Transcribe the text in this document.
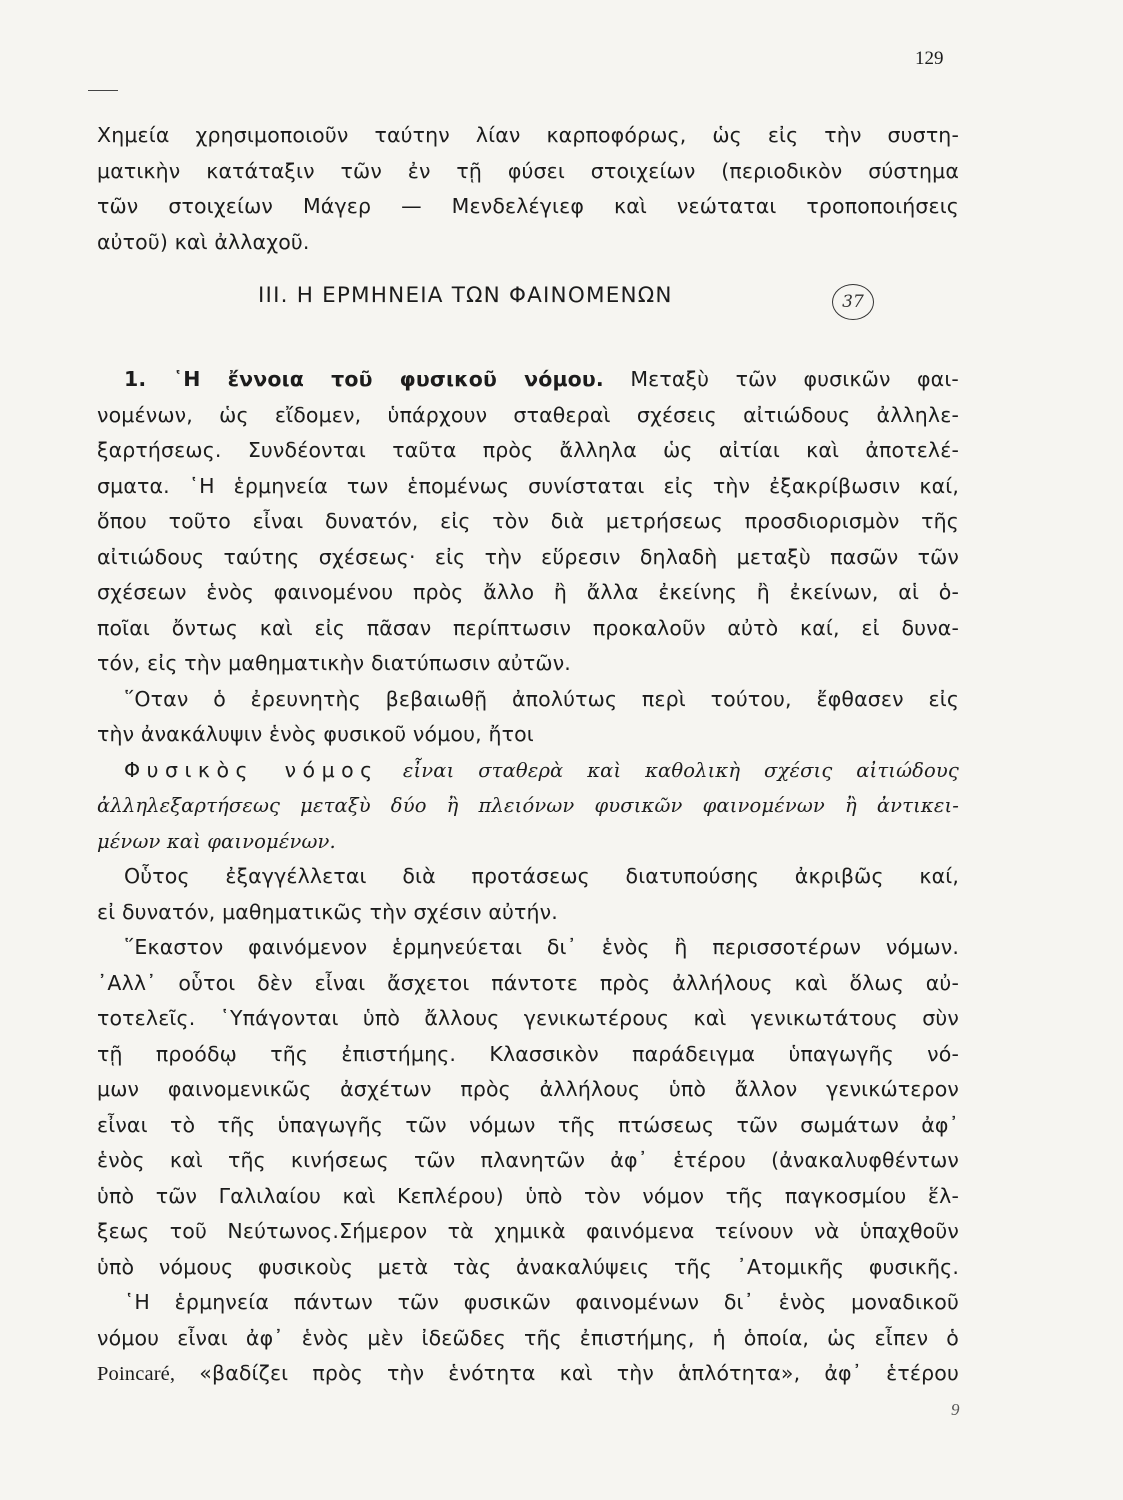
129
Χημεία χρησιμοποιοῦν ταύτην λίαν καρποφόρως, ὡς εἰς τὴν συστη-
ματικὴν κατάταξιν τῶν ἐν τῇ φύσει στοιχείων (περιοδικὸν σύστημα
τῶν στοιχείων Μάγερ — Μενδελέγιεφ καὶ νεώταται τροποποιήσεις
αὐτοῦ) καὶ ἀλλαχοῦ.
III. Η ΕΡΜΗΝΕΙΑ ΤΩΝ ΦΑΙΝΟΜΕΝΩΝ	37
1. ῾Η ἔννοια τοῦ φυσικοῦ νόμου. Μεταξὺ τῶν φυσικῶν φαι-
νομένων, ὡς εἴδομεν, ὑπάρχουν σταθεραὶ σχέσεις αἰτιώδους ἀλληλε-
ξαρτήσεως. Συνδέονται ταῦτα πρὸς ἄλληλα ὡς αἰτίαι καὶ ἀποτελέ-
σματα. ῾Η ἑρμηνεία των ἑπομένως συνίσταται εἰς τὴν ἐξακρίβωσιν καί,
ὅπου τοῦτο εἶναι δυνατόν, εἰς τὸν διὰ μετρήσεως προσδιορισμὸν τῆς
αἰτιώδους ταύτης σχέσεως· εἰς τὴν εὕρεσιν δηλαδὴ μεταξὺ πασῶν τῶν
σχέσεων ἑνὸς φαινομένου πρὸς ἄλλο ἢ ἄλλα ἐκείνης ἢ ἐκείνων, αἱ ὁ-
ποῖαι ὄντως καὶ εἰς πᾶσαν περίπτωσιν προκαλοῦν αὐτὸ καί, εἰ δυνα-
τόν, εἰς τὴν μαθηματικὴν διατύπωσιν αὐτῶν.
῞Οταν ὁ ἐρευνητὴς βεβαιωθῇ ἀπολύτως περὶ τούτου, ἔφθασεν εἰς
τὴν ἀνακάλυψιν ἑνὸς φυσικοῦ νόμου, ἤτοι
Φυσικὸς νόμος εἶναι σταθερὰ καὶ καθολικὴ σχέσις αἰτιώδους
ἀλληλεξαρτήσεως μεταξὺ δύο ἢ πλειόνων φυσικῶν φαινομένων ἢ ἀντικει-
μένων καὶ φαινομένων.
Οὗτος ἐξαγγέλλεται διὰ προτάσεως διατυπούσης ἀκριβῶς καί,
εἰ δυνατόν, μαθηματικῶς τὴν σχέσιν αὐτήν.
῞Εκαστον φαινόμενον ἑρμηνεύεται δι᾽ ἑνὸς ἢ περισσοτέρων νόμων.
᾽Αλλ᾽ οὗτοι δὲν εἶναι ἄσχετοι πάντοτε πρὸς ἀλλήλους καὶ ὅλως αὐ-
τοτελεῖς. ῾Υπάγονται ὑπὸ ἄλλους γενικωτέρους καὶ γενικωτάτους σὺν
τῇ προόδῳ τῆς ἐπιστήμης. Κλασσικὸν παράδειγμα ὑπαγωγῆς νό-
μων φαινομενικῶς ἀσχέτων πρὸς ἀλλήλους ὑπὸ ἄλλον γενικώτερον
εἶναι τὸ τῆς ὑπαγωγῆς τῶν νόμων τῆς πτώσεως τῶν σωμάτων ἀφ᾽
ἑνὸς καὶ τῆς κινήσεως τῶν πλανητῶν ἀφ᾽ ἑτέρου (ἀνακαλυφθέντων
ὑπὸ τῶν Γαλιλαίου καὶ Κεπλέρου) ὑπὸ τὸν νόμον τῆς παγκοσμίου ἕλ-
ξεως τοῦ Νεύτωνος.Σήμερον τὰ χημικὰ φαινόμενα τείνουν νὰ ὑπαχθοῦν
ὑπὸ νόμους φυσικοὺς μετὰ τὰς ἀνακαλύψεις τῆς ᾽Ατομικῆς φυσικῆς.
῾Η ἑρμηνεία πάντων τῶν φυσικῶν φαινομένων δι᾽ ἑνὸς μοναδικοῦ
νόμου εἶναι ἀφ᾽ ἑνὸς μὲν ἰδεῶδες τῆς ἐπιστήμης, ἡ ὁποία, ὡς εἶπεν ὁ
Poincaré, «βαδίζει πρὸς τὴν ἑνότητα καὶ τὴν ἁπλότητα», ἀφ᾽ ἑτέρου
9
